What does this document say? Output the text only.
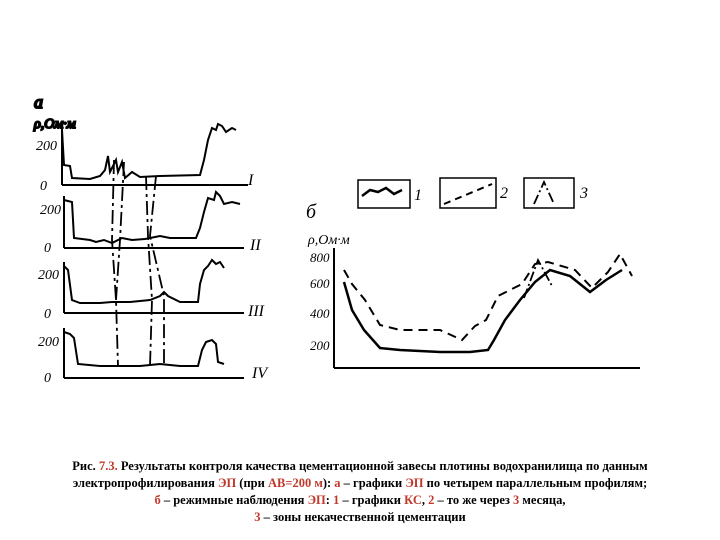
а
ρ,Ом·м
200
0	I
200
0	II
200
0	III
200
0	IV
1	2	3
б
ρ,Ом·м
800
600
400
200
Рис. 7.3. Результаты контроля качества цементационной завесы плотины водохранилища по данным
электропрофилирования ЭП (при АВ=200 м): а – графики ЭП по четырем параллельным профилям;
б – режимные наблюдения ЭП: 1 – графики КС, 2 – то же через 3 месяца,
3 – зоны некачественной цементации
